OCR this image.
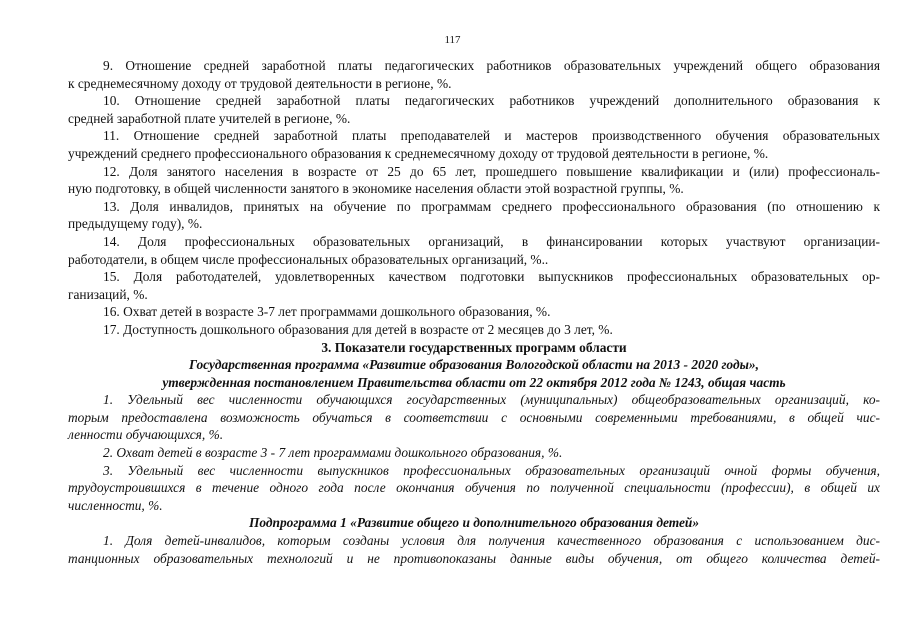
117
9. Отношение средней заработной платы педагогических работников образовательных учреждений общего образования
к среднемесячному доходу от трудовой деятельности в регионе, %.
10. Отношение средней заработной платы педагогических работников учреждений дополнительного образования к
средней заработной плате учителей в регионе, %.
11. Отношение средней заработной платы преподавателей и мастеров производственного обучения образовательных
учреждений среднего профессионального образования к среднемесячному доходу от трудовой деятельности в регионе, %.
12. Доля занятого населения в возрасте от 25 до 65 лет, прошедшего повышение квалификации и (или) профессиональ-
ную подготовку, в общей численности занятого в экономике населения области этой возрастной группы, %.
13. Доля инвалидов, принятых на обучение по программам среднего профессионального образования (по отношению к
предыдущему году), %.
14. Доля профессиональных образовательных организаций, в финансировании которых участвуют организации-
работодатели, в общем числе профессиональных образовательных организаций, %..
15. Доля работодателей, удовлетворенных качеством подготовки выпускников профессиональных образовательных ор-
ганизаций, %.
16. Охват детей в возрасте 3-7 лет программами дошкольного образования, %.
17. Доступность дошкольного образования для детей в возрасте от 2 месяцев до 3 лет, %.
3. Показатели государственных программ области
Государственная программа «Развитие образования Вологодской области на 2013 - 2020 годы»,
утвержденная постановлением Правительства области от 22 октября 2012 года № 1243, общая часть
1. Удельный вес численности обучающихся государственных (муниципальных) общеобразовательных организаций, ко-
торым предоставлена возможность обучаться в соответствии с основными современными требованиями, в общей чис-
ленности обучающихся, %.
2. Охват детей в возрасте 3 - 7 лет программами дошкольного образования, %.
3. Удельный вес численности выпускников профессиональных образовательных организаций очной формы обучения,
трудоустроившихся в течение одного года после окончания обучения по полученной специальности (профессии), в общей их
численности, %.
Подпрограмма 1 «Развитие общего и дополнительного образования детей»
1. Доля детей-инвалидов, которым созданы условия для получения качественного образования с использованием дис-
танционных образовательных технологий и не противопоказаны данные виды обучения, от общего количества детей-
